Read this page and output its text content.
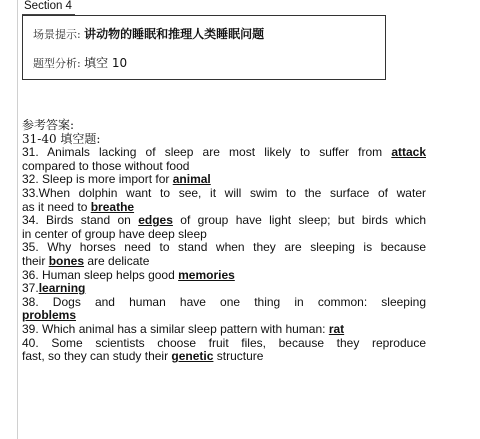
Section 4
场景提示: 讲动物的睡眠和推理人类睡眠问题
题型分析: 填空 10
参考答案:
31-40 填空题:
31. Animals lacking of sleep are most likely to suffer from attack
compared to those without food
32. Sleep is more import for animal
33.When dolphin want to see, it will swim to the surface of water
as it need to breathe
34. Birds stand on edges of group have light sleep; but birds which
in center of group have deep sleep
35. Why horses need to stand when they are sleeping is because
their bones are delicate
36. Human sleep helps good memories
37.learning
38. Dogs and human have one thing in common: sleeping
problems
39. Which animal has a similar sleep pattern with human: rat
40. Some scientists choose fruit files, because they reproduce
fast, so they can study their genetic structure
